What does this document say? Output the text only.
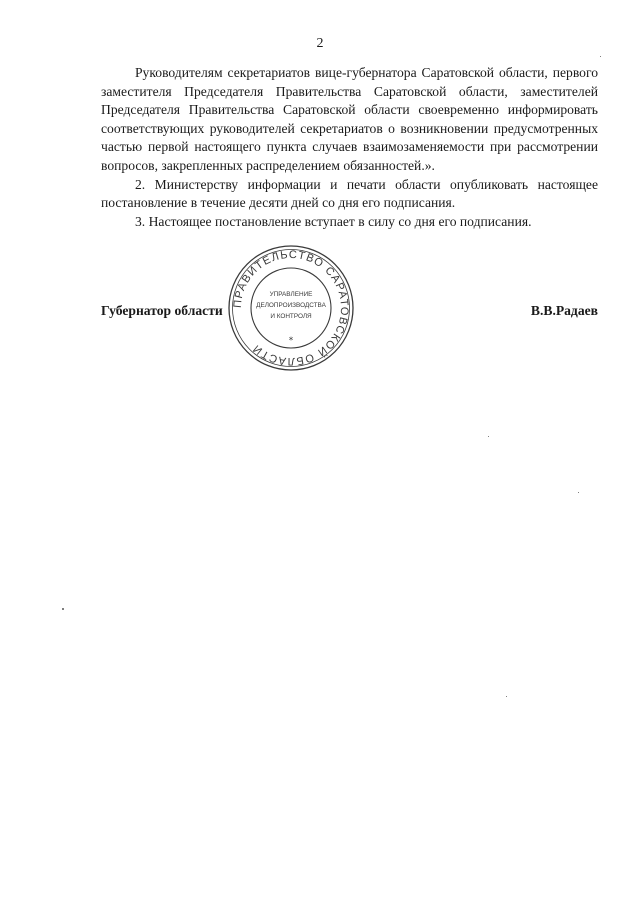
2

Руководителям секретариатов вице-губернатора Саратовской области, первого заместителя Председателя Правительства Саратовской области, заместителей Председателя Правительства Саратовской области своевременно информировать соответствующих руководителей секретариатов о возникновении предусмотренных частью первой настоящего пункта случаев взаимозаменяемости при рассмотрении вопросов, закрепленных распределением обязанностей.».

2. Министерству информации и печати области опубликовать настоящее постановление в течение десяти дней со дня его подписания.

3. Настоящее постановление вступает в силу со дня его подписания.

Губернатор области	В.В.Радаев
ПРАВИТЕЛЬСТВО САРАТОВСКОЙ ОБЛАСТИ
УПРАВЛЕНИЕ
ДЕЛОПРОИЗВОДСТВА
И КОНТРОЛЯ
*
